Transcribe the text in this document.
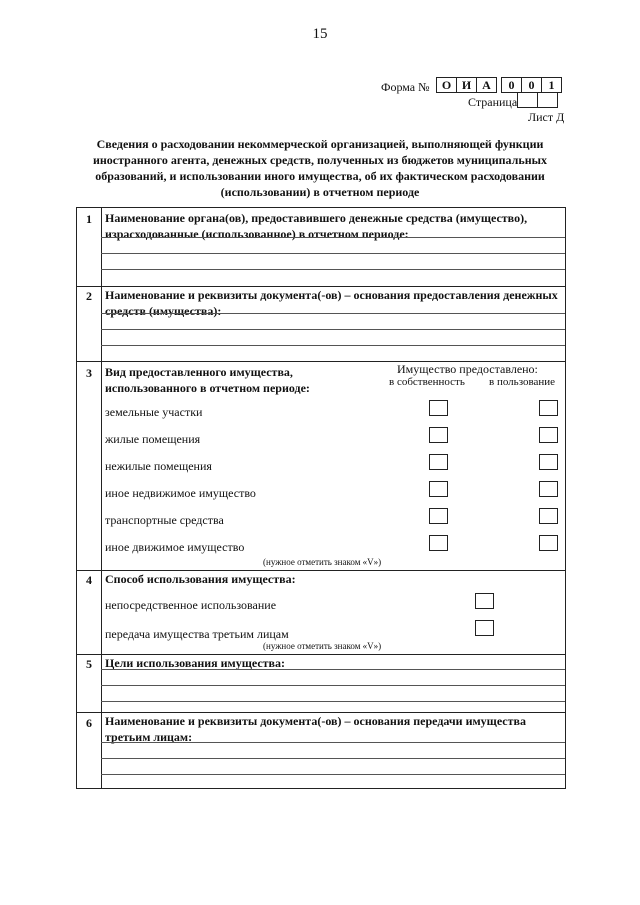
15
Форма №	О И А	0	0	1
Страница
Лист Д
Сведения о расходовании некоммерческой организацией, выполняющей функции иностранного агента, денежных средств, полученных из бюджетов муниципальных образований, и использовании иного имущества, об их фактическом расходовании (использовании) в отчетном периоде
1	Наименование органа(ов), предоставившего денежные средства (имущество), израсходованные (использованное) в отчетном периоде:
2	Наименование и реквизиты документа(-ов) – основания предоставления денежных средств (имущества):
3	Вид предоставленного имущества, использованного в отчетном периоде:
Имущество предоставлено:
в собственность в пользование
земельные участки
жилые помещения
нежилые помещения
иное недвижимое имущество
транспортные средства
иное движимое имущество
(нужное отметить знаком «V»)
4	Способ использования имущества:
непосредственное использование
передача имущества третьим лицам
(нужное отметить знаком «V»)
5	Цели использования имущества:
6	Наименование и реквизиты документа(-ов) – основания передачи имущества третьим лицам:
